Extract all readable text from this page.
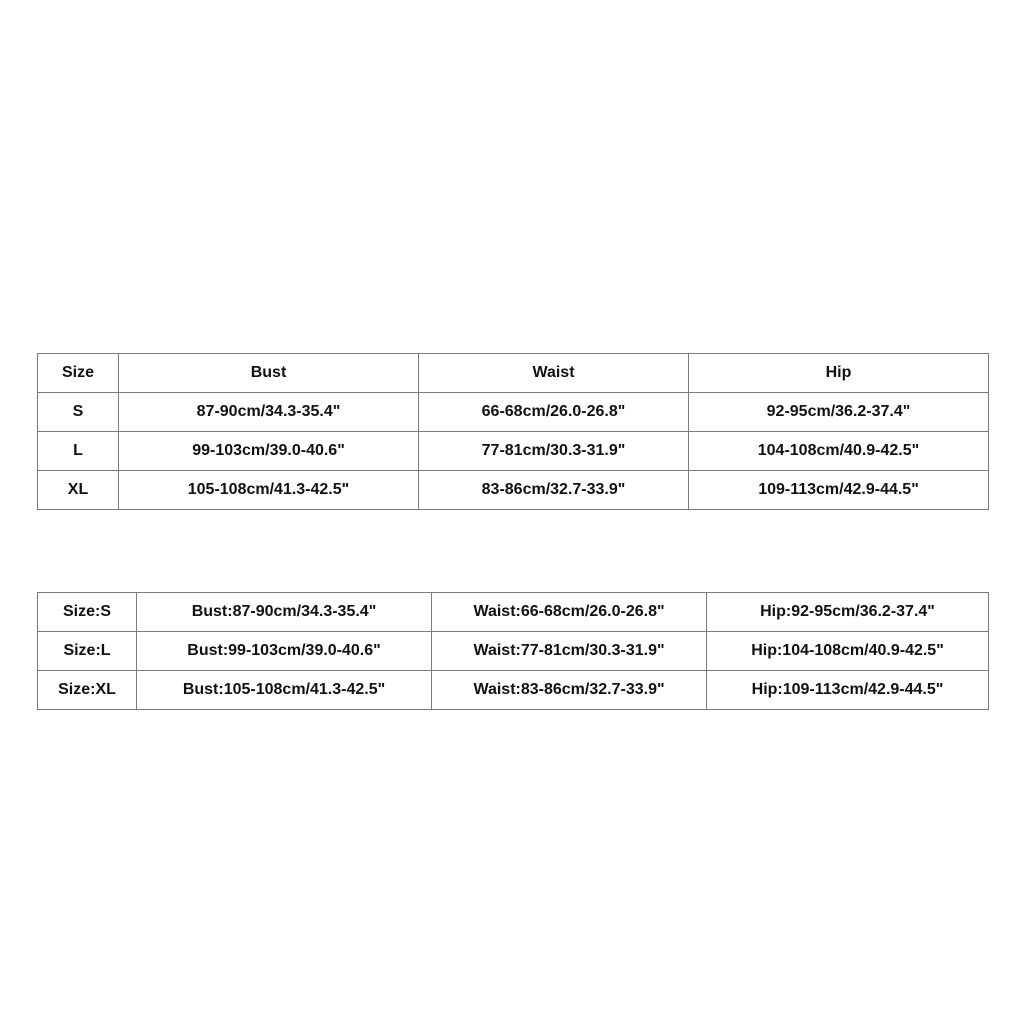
Size	Bust	Waist	Hip
S	87-90cm/34.3-35.4"	66-68cm/26.0-26.8"	92-95cm/36.2-37.4"
L	99-103cm/39.0-40.6"	77-81cm/30.3-31.9"	104-108cm/40.9-42.5"
XL	105-108cm/41.3-42.5"	83-86cm/32.7-33.9"	109-113cm/42.9-44.5"
Size:S	Bust:87-90cm/34.3-35.4"	Waist:66-68cm/26.0-26.8"	Hip:92-95cm/36.2-37.4"
Size:L	Bust:99-103cm/39.0-40.6"	Waist:77-81cm/30.3-31.9"	Hip:104-108cm/40.9-42.5"
Size:XL	Bust:105-108cm/41.3-42.5"	Waist:83-86cm/32.7-33.9"	Hip:109-113cm/42.9-44.5"
